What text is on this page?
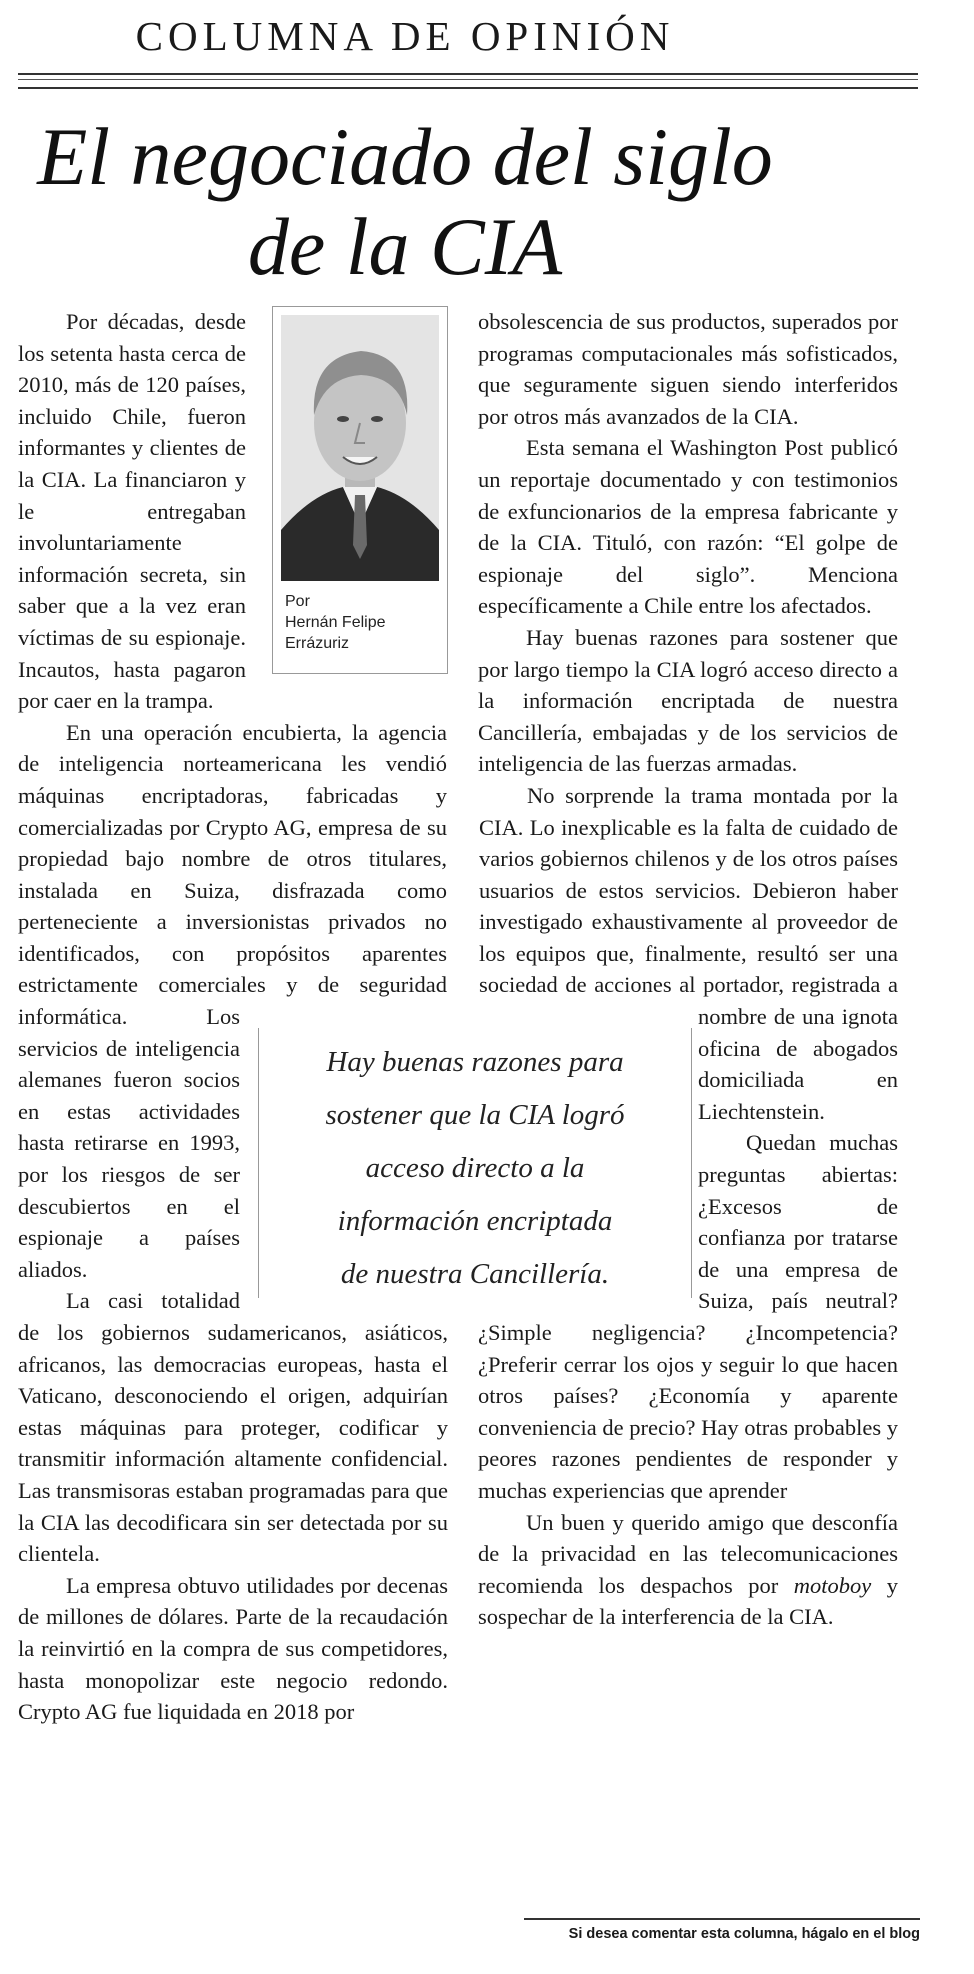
COLUMNA DE OPINIÓN
El negociado del siglo
de la CIA
Por
Hernán Felipe
Errázuriz

Por décadas, desde los setenta hasta cerca de 2010, más de 120 países, incluido Chile, fueron informantes y clientes de la CIA. La financiaron y le entregaban involuntariamente información secreta, sin saber que a la vez eran víctimas de su espionaje. Incautos, hasta pagaron por caer en la trampa.

En una operación encubierta, la agencia de inteligencia norteamericana les vendió máquinas encriptadoras, fabricadas y comercializadas por Crypto AG, empresa de su propiedad bajo nombre de otros titulares, instalada en Suiza, disfrazada como perteneciente a inversionistas privados no identificados, con propósitos aparentes estrictamente comerciales y de seguridad informática. Los servicios de inteligencia alemanes fueron socios en estas actividades hasta retirarse en 1993, por los riesgos de ser descubiertos en el espionaje a países aliados.

La casi totalidad de los gobiernos sudamericanos, asiáticos, africanos, las democracias europeas, hasta el Vaticano, desconociendo el origen, adquirían estas máquinas para proteger, codificar y transmitir información altamente confidencial. Las transmisoras estaban programadas para que la CIA las decodificara sin ser detectada por su clientela.

La empresa obtuvo utilidades por decenas de millones de dólares. Parte de la recaudación la reinvirtió en la compra de sus competidores, hasta monopolizar este negocio redondo. Crypto AG fue liquidada en 2018 por

obsolescencia de sus productos, superados por programas computacionales más sofisticados, que seguramente siguen siendo interferidos por otros más avanzados de la CIA.

Esta semana el Washington Post publicó un reportaje documentado y con testimonios de exfuncionarios de la empresa fabricante y de la CIA. Tituló, con razón: “El golpe de espionaje del siglo”. Menciona específicamente a Chile entre los afectados.

Hay buenas razones para sostener que por largo tiempo la CIA logró acceso directo a la información encriptada de nuestra Cancillería, embajadas y de los servicios de inteligencia de las fuerzas armadas.

No sorprende la trama montada por la CIA. Lo inexplicable es la falta de cuidado de varios gobiernos chilenos y de los otros países usuarios de estos servicios. Debieron haber investigado exhaustivamente al proveedor de los equipos que, finalmente, resultó ser una sociedad de acciones al portador, registrada a nombre de una ignota oficina de abogados domiciliada en Liechtenstein.

Quedan muchas preguntas abiertas: ¿Excesos de confianza por tratarse de una empresa de Suiza, país neutral? ¿Simple negligencia? ¿Incompetencia? ¿Preferir cerrar los ojos y seguir lo que hacen otros países? ¿Economía y aparente conveniencia de precio? Hay otras probables y peores razones pendientes de responder y muchas experiencias que aprender

Un buen y querido amigo que desconfía de la privacidad en las telecomunicaciones recomienda los despachos por motoboy y sospechar de la interferencia de la CIA.

Hay buenas razones para
sostener que la CIA logró
acceso directo a la
información encriptada
de nuestra Cancillería.
Si desea comentar esta columna, hágalo en el blog
